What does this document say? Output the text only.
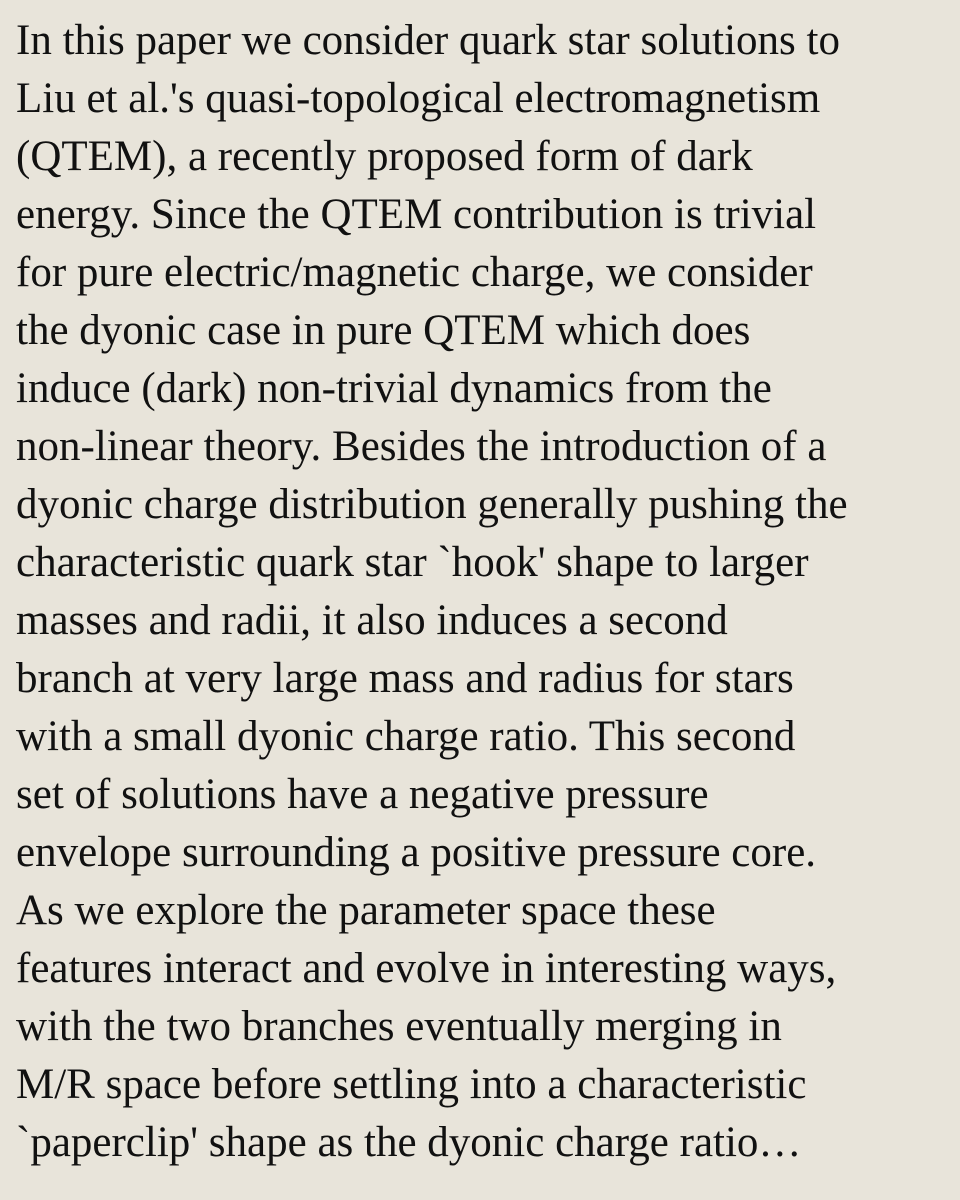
In this paper we consider quark star solutions to
Liu et al.'s quasi-topological electromagnetism
(QTEM), a recently proposed form of dark
energy. Since the QTEM contribution is trivial
for pure electric/magnetic charge, we consider
the dyonic case in pure QTEM which does
induce (dark) non-trivial dynamics from the
non-linear theory. Besides the introduction of a
dyonic charge distribution generally pushing the
characteristic quark star `hook' shape to larger
masses and radii, it also induces a second
branch at very large mass and radius for stars
with a small dyonic charge ratio. This second
set of solutions have a negative pressure
envelope surrounding a positive pressure core.
As we explore the parameter space these
features interact and evolve in interesting ways,
with the two branches eventually merging in
M/R space before settling into a characteristic
`paperclip' shape as the dyonic charge ratio…
